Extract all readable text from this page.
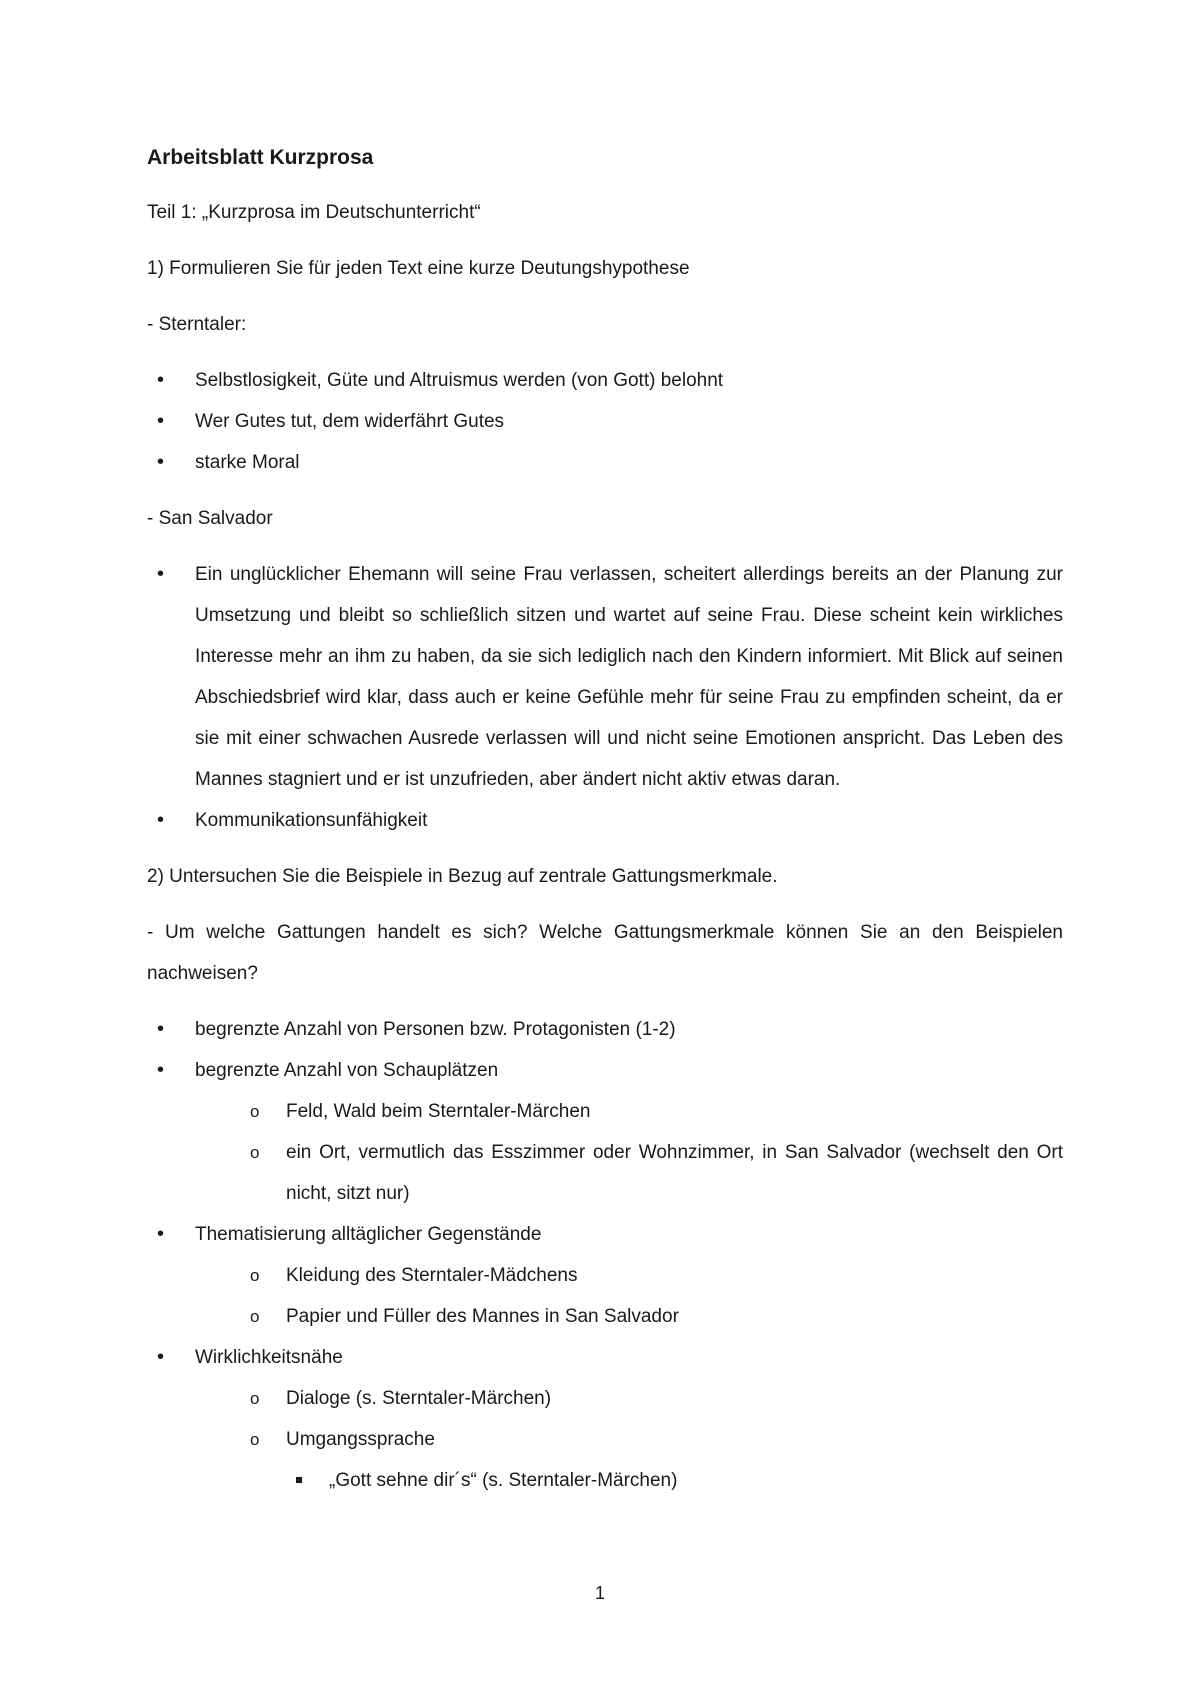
Arbeitsblatt Kurzprosa
Teil 1: „Kurzprosa im Deutschunterricht“
1) Formulieren Sie für jeden Text eine kurze Deutungshypothese
- Sterntaler:
• Selbstlosigkeit, Güte und Altruismus werden (von Gott) belohnt
• Wer Gutes tut, dem widerfährt Gutes
• starke Moral
- San Salvador
• Ein unglücklicher Ehemann will seine Frau verlassen, scheitert allerdings bereits an der Planung zur Umsetzung und bleibt so schließlich sitzen und wartet auf seine Frau. Diese scheint kein wirkliches Interesse mehr an ihm zu haben, da sie sich lediglich nach den Kindern informiert. Mit Blick auf seinen Abschiedsbrief wird klar, dass auch er keine Gefühle mehr für seine Frau zu empfinden scheint, da er sie mit einer schwachen Ausrede verlassen will und nicht seine Emotionen anspricht. Das Leben des Mannes stagniert und er ist unzufrieden, aber ändert nicht aktiv etwas daran.
• Kommunikationsunfähigkeit
2) Untersuchen Sie die Beispiele in Bezug auf zentrale Gattungsmerkmale.
- Um welche Gattungen handelt es sich? Welche Gattungsmerkmale können Sie an den Beispielen nachweisen?
• begrenzte Anzahl von Personen bzw. Protagonisten (1-2)
• begrenzte Anzahl von Schauplätzen
o Feld, Wald beim Sterntaler-Märchen
o ein Ort, vermutlich das Esszimmer oder Wohnzimmer, in San Salvador (wechselt den Ort nicht, sitzt nur)
• Thematisierung alltäglicher Gegenstände
o Kleidung des Sterntaler-Mädchens
o Papier und Füller des Mannes in San Salvador
• Wirklichkeitsnähe
o Dialoge (s. Sterntaler-Märchen)
o Umgangssprache
„Gott sehne dir´s“ (s. Sterntaler-Märchen)
1
